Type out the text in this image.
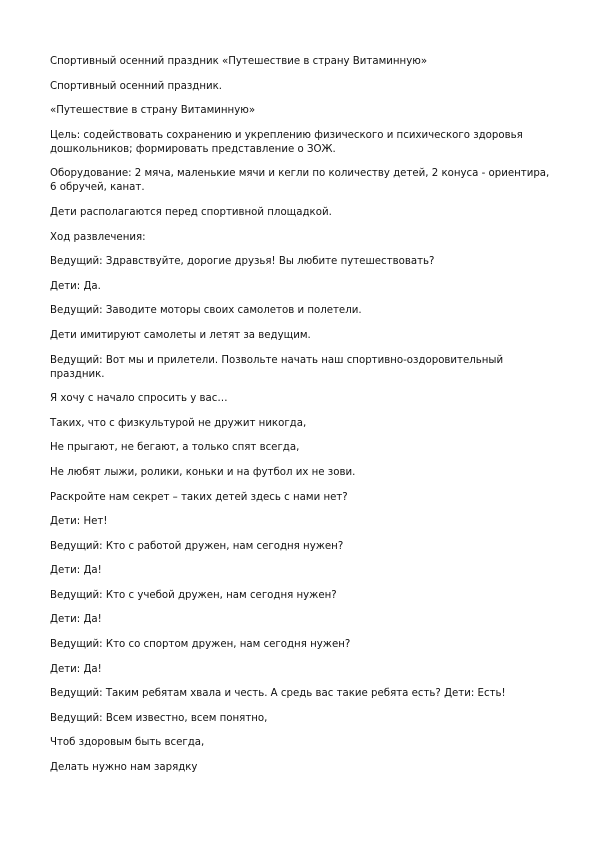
Спортивный осенний праздник «Путешествие в страну Витаминную»

Спортивный осенний праздник.

«Путешествие в страну Витаминную»

Цель: содействовать сохранению и укреплению физического и психического здоровья дошкольников; формировать представление о ЗОЖ.

Оборудование: 2 мяча, маленькие мячи и кегли по количеству детей, 2 конуса - ориентира, 6 обручей, канат.

Дети располагаются перед спортивной площадкой.

Ход развлечения:

Ведущий: Здравствуйте, дорогие друзья! Вы любите путешествовать?

Дети: Да.

Ведущий: Заводите моторы своих самолетов и полетели.

Дети имитируют самолеты и летят за ведущим.

Ведущий: Вот мы и прилетели. Позвольте начать наш спортивно-оздоровительный праздник.

Я хочу с начало спросить у вас…

Таких, что с физкультурой не дружит никогда,

Не прыгают, не бегают, а только спят всегда,

Не любят лыжи, ролики, коньки и на футбол их не зови.

Раскройте нам секрет – таких детей здесь с нами нет?

Дети: Нет!

Ведущий: Кто с работой дружен, нам сегодня нужен?

Дети: Да!

Ведущий: Кто с учебой дружен, нам сегодня нужен?

Дети: Да!

Ведущий: Кто со спортом дружен, нам сегодня нужен?

Дети: Да!

Ведущий: Таким ребятам хвала и честь. А средь вас такие ребята есть? Дети: Есть!

Ведущий: Всем известно, всем понятно,

Чтоб здоровым быть всегда,

Делать нужно нам зарядку
